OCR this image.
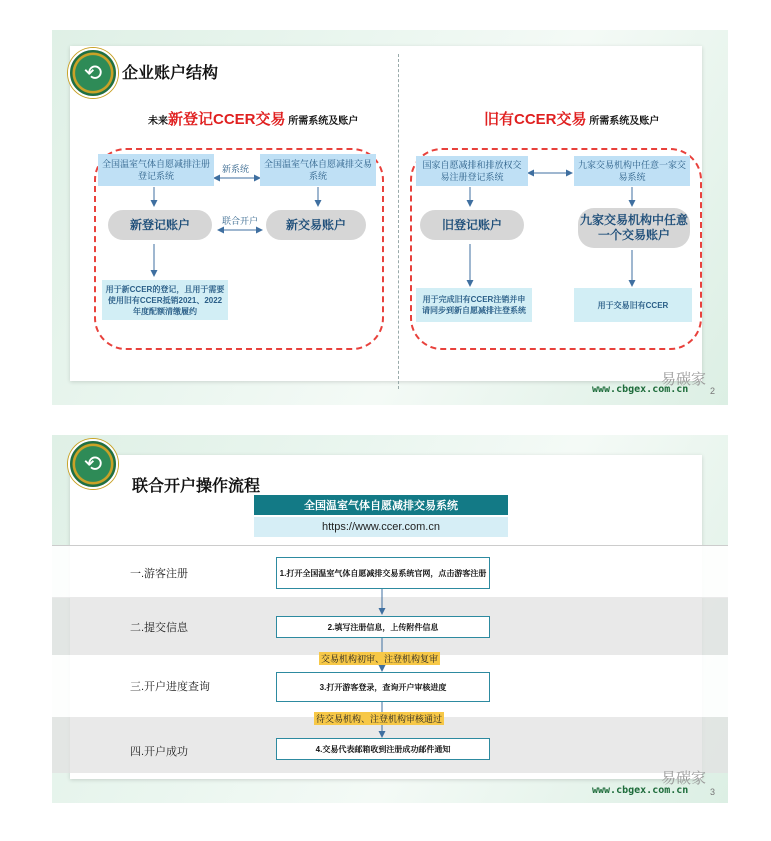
⟲	企业账户结构
未来新登记CCER交易 所需系统及账户	旧有CCER交易 所需系统及账户
全国温室气体自愿减排注册登记系统
新系统	全国温室气体自愿减排交易系统
新登记账户	联合开户	新交易账户
用于新CCER的登记，且用于需要使用旧有CCER抵销2021、2022年度配额清缴履约
国家自愿减排和排放权交易注册登记系统
九家交易机构中任意一家交易系统
旧登记账户	九家交易机构中任意一个交易账户
用于完成旧有CCER注销并申请同步到新自愿减排注登系统
用于交易旧有CCER
易碳家
www.cbgex.com.cn 2
⟲
联合开户操作流程
全国温室气体自愿减排交易系统
https://www.ccer.com.cn
一.游客注册	1.打开全国温室气体自愿减排交易系统官网，点击游客注册
二.提交信息	2.填写注册信息，上传附件信息
交易机构初审、注登机构复审
三.开户进度查询	3.打开游客登录，查询开户审核进度
待交易机构、注登机构审核通过
四.开户成功	4.交易代表邮箱收到注册成功邮件通知
易碳家
www.cbgex.com.cn 3
